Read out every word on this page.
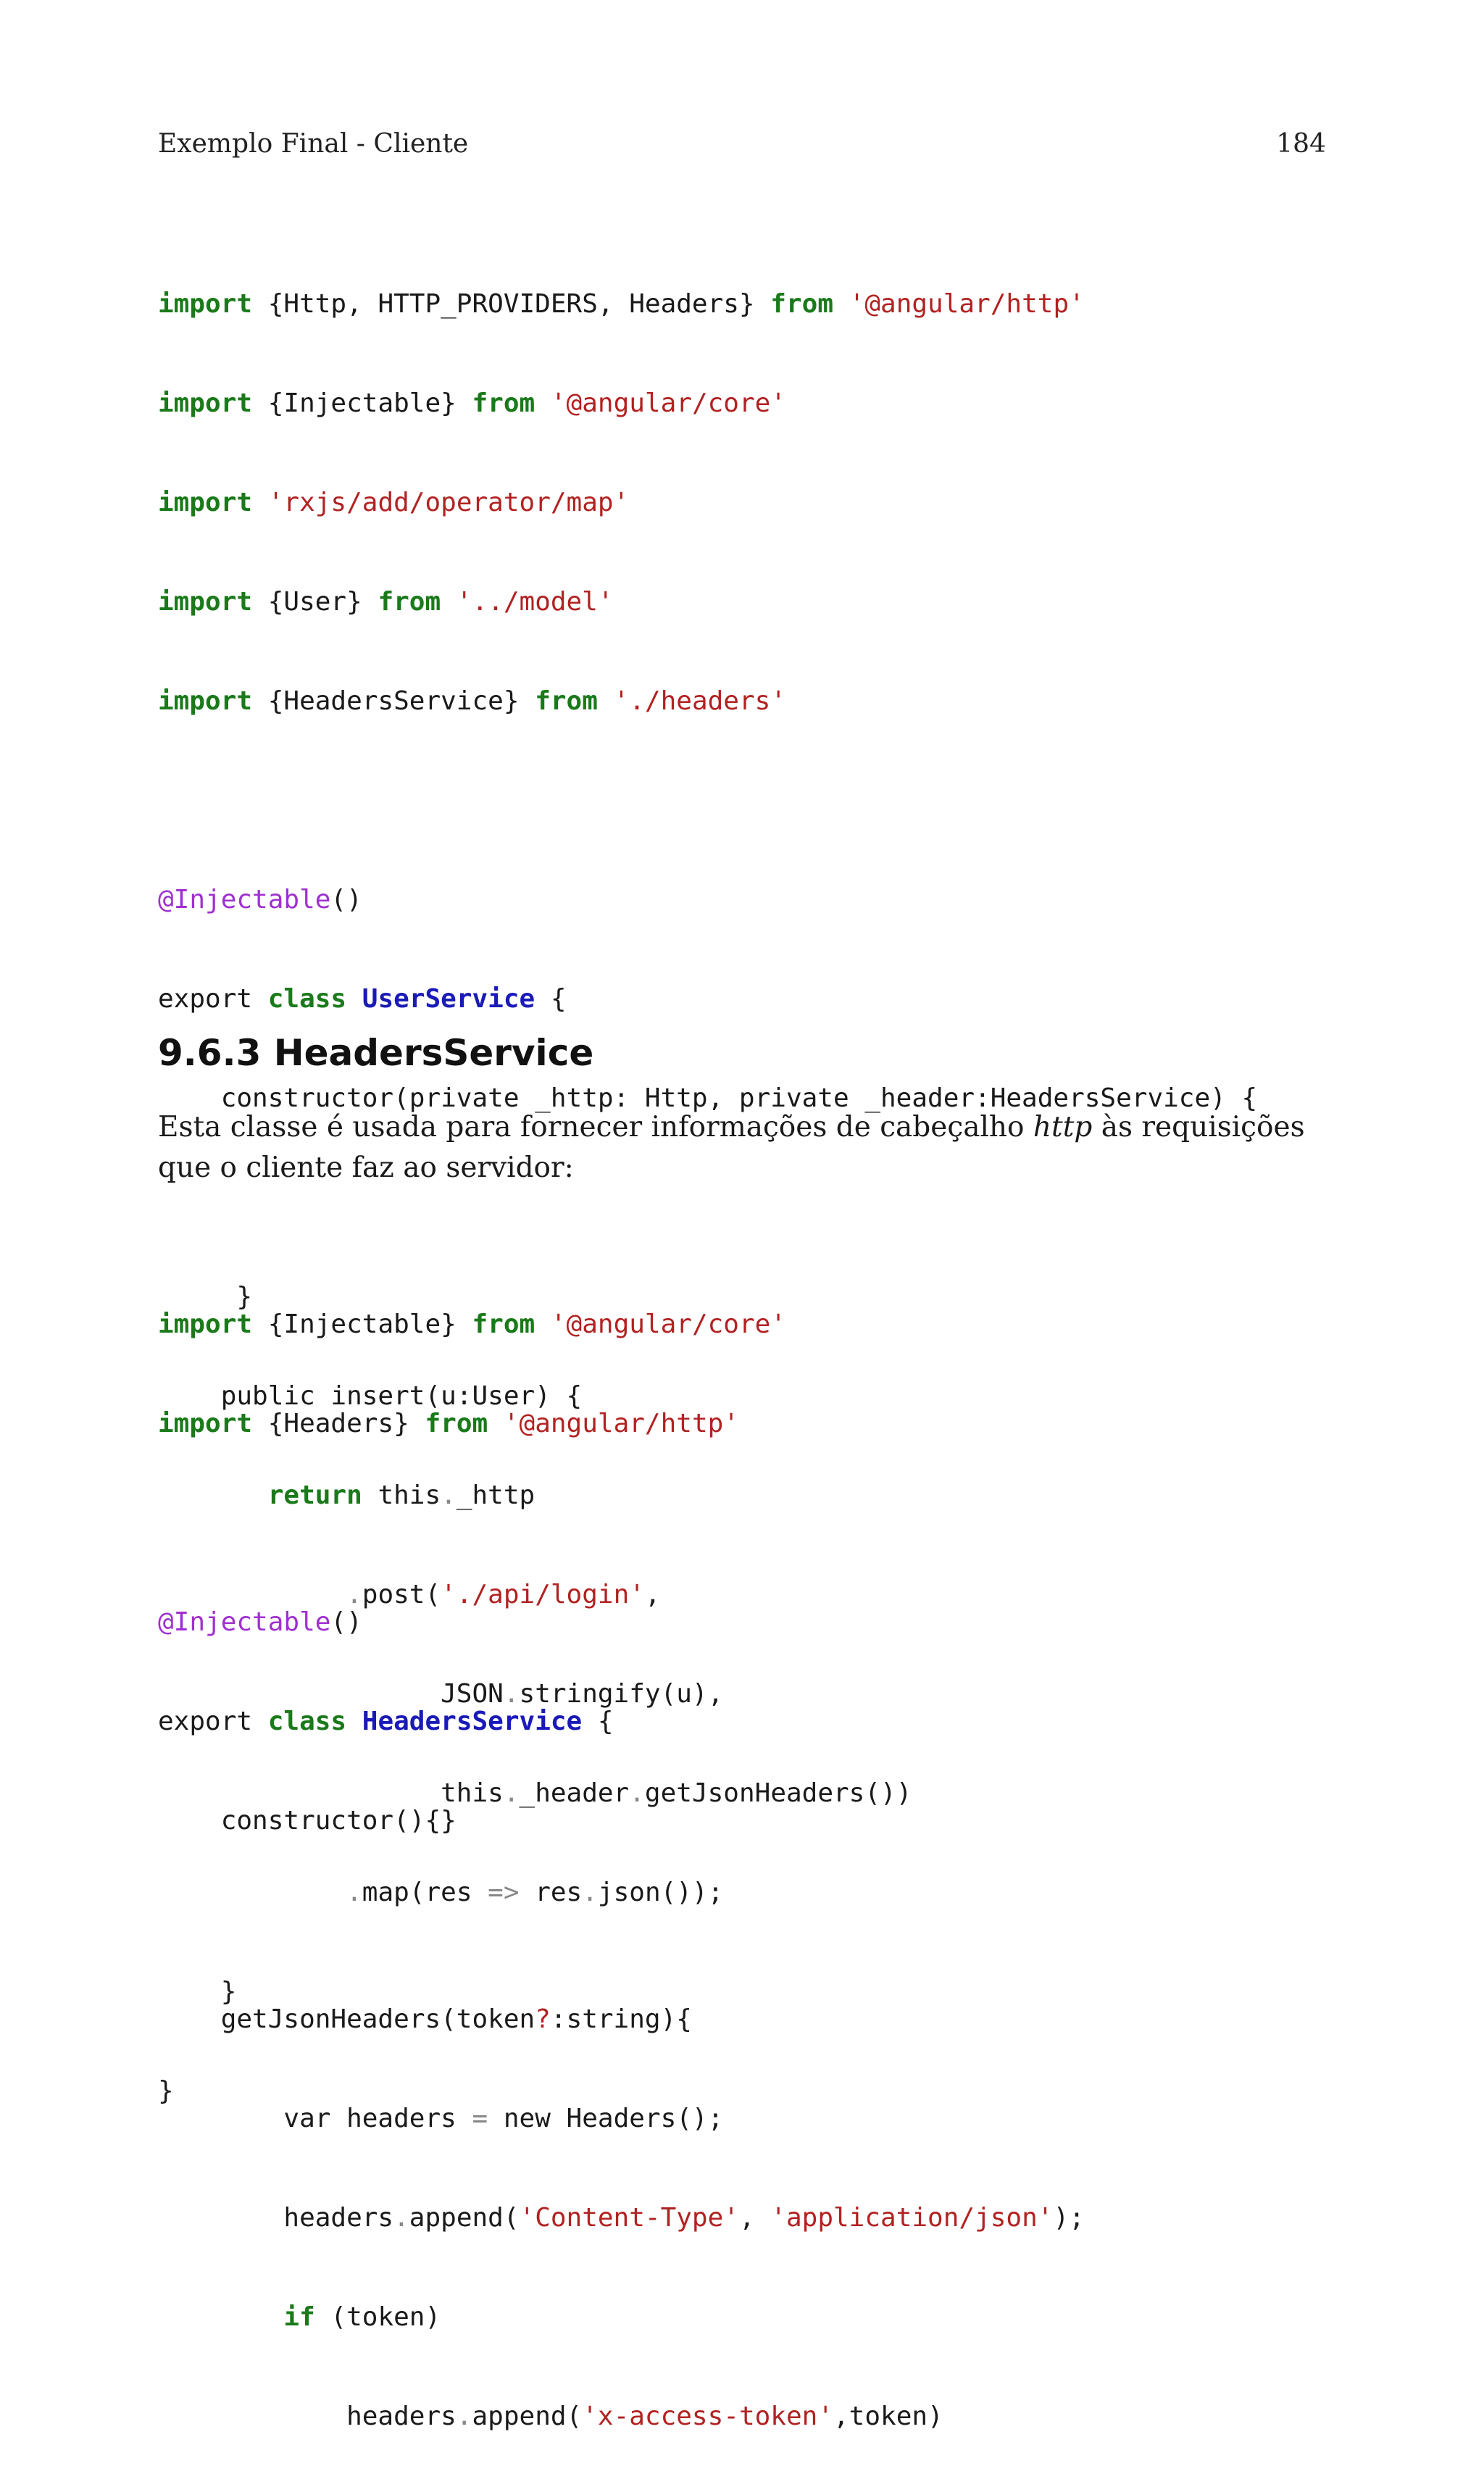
Exemplo Final - Cliente	184

import {Http, HTTP_PROVIDERS, Headers} from '@angular/http'

import {Injectable} from '@angular/core'

import 'rxjs/add/operator/map'

import {User} from '../model'

import {HeadersService} from './headers'

@Injectable()

export class UserService {

constructor(private _http: Http, private _header:HeadersService) {

}

public insert(u:User) {

return this._http

.post('./api/login',

JSON.stringify(u),

this._header.getJsonHeaders())

.map(res => res.json());

}

}

9.6.3 HeadersService

Esta classe é usada para fornecer informações de cabeçalho http às requisições que o cliente faz ao servidor:

import {Injectable} from '@angular/core'

import {Headers} from '@angular/http'

@Injectable()

export class HeadersService {

constructor(){}

getJsonHeaders(token?:string){

var headers = new Headers();

headers.append('Content-Type', 'application/json');

if (token)

headers.append('x-access-token',token)
